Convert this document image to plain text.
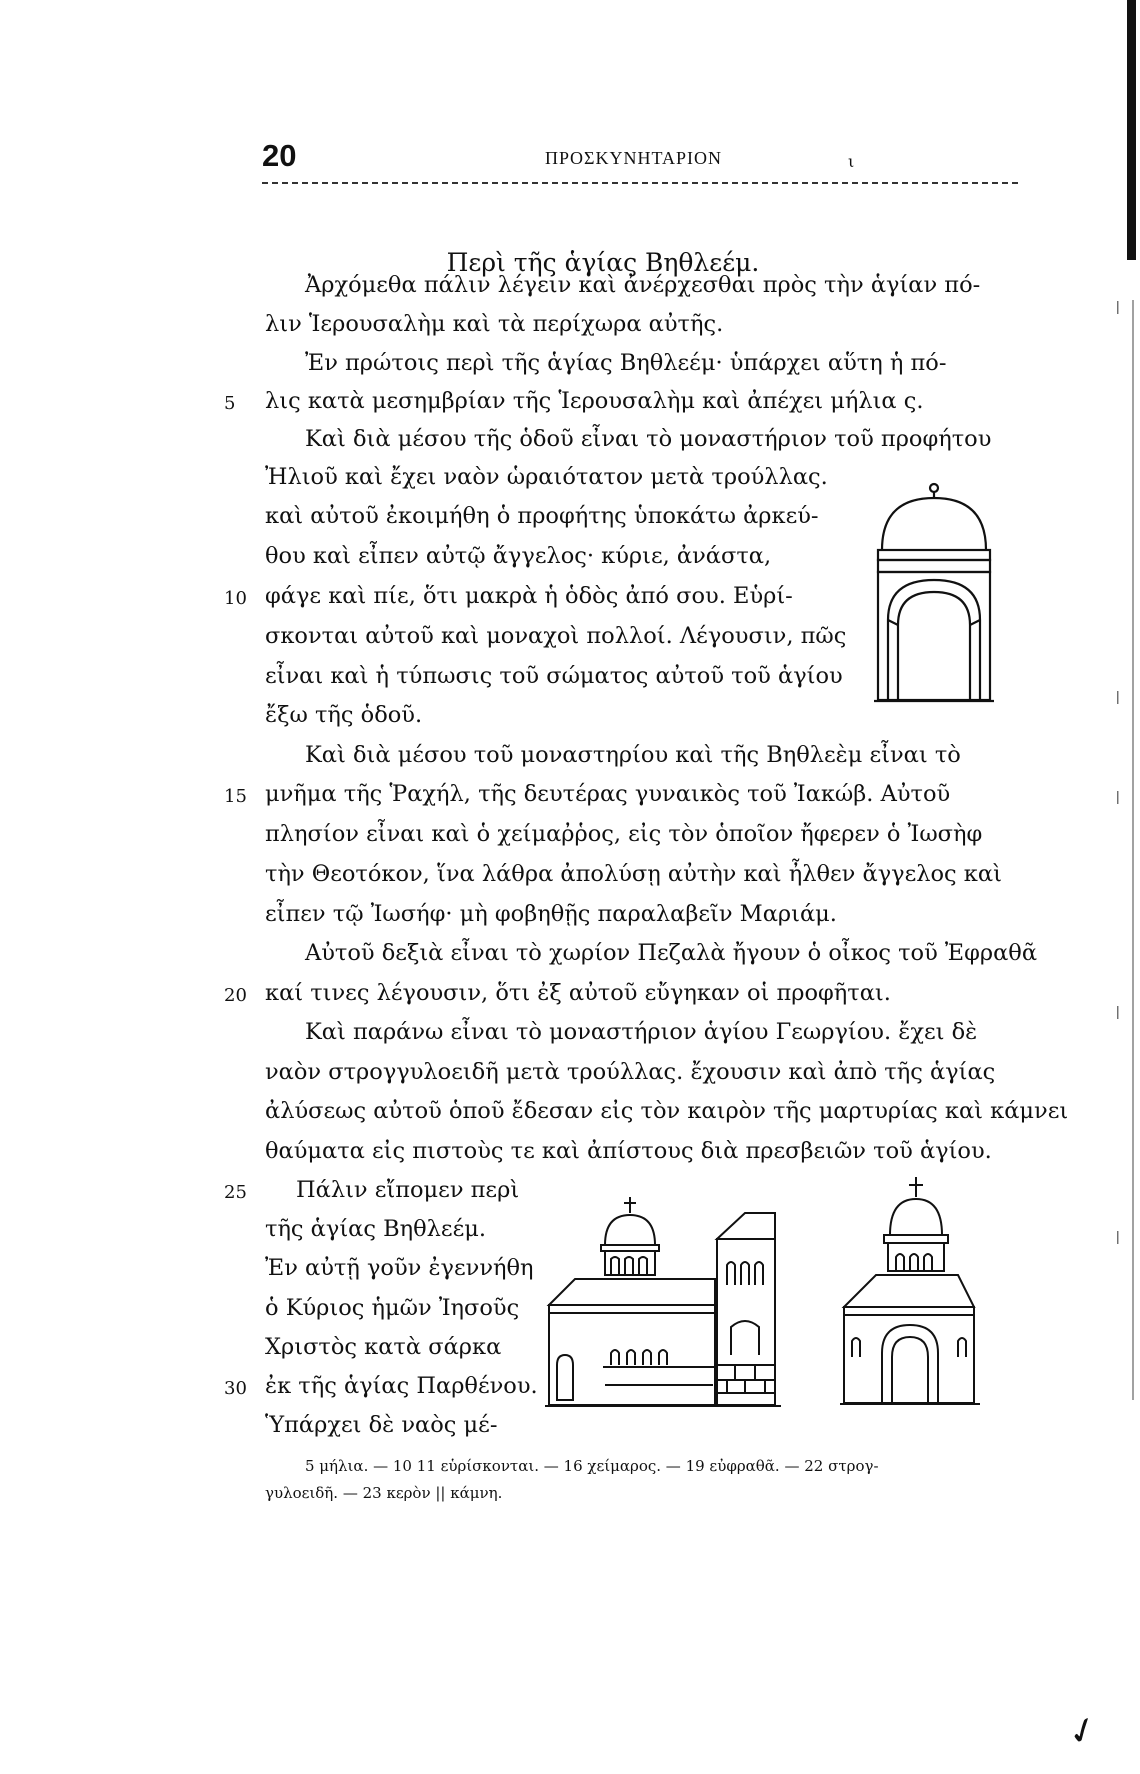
20	ΠΡΟΣΚΥΝΗΤΑΡΙΟΝ	ι
Περὶ τῆς ἁγίας Βηθλεέμ.
Ἀρχόμεθα πάλιν λέγειν καὶ ἀνέρχεσθαι πρὸς τὴν ἁγίαν πό-
λιν Ἱερουσαλὴμ καὶ τὰ περίχωρα αὐτῆς.
Ἐν πρώτοις περὶ τῆς ἁγίας Βηθλεέμ· ὑπάρχει αὕτη ἡ πό-
λις κατὰ μεσημβρίαν τῆς Ἱερουσαλὴμ καὶ ἀπέχει μήλια ς.
Καὶ διὰ μέσου τῆς ὁδοῦ εἶναι τὸ μοναστήριον τοῦ προφήτου
Ἠλιοῦ καὶ ἔχει ναὸν ὡραιότατον μετὰ τρούλλας.
καὶ αὐτοῦ ἐκοιμήθη ὁ προφήτης ὑποκάτω ἀρκεύ-
θου καὶ εἶπεν αὐτῷ ἄγγελος· κύριε, ἀνάστα,
φάγε καὶ πίε, ὅτι μακρὰ ἡ ὁδὸς ἀπό σου. Εὑρί-
σκονται αὐτοῦ καὶ μοναχοὶ πολλοί. Λέγουσιν, πῶς
εἶναι καὶ ἡ τύπωσις τοῦ σώματος αὐτοῦ τοῦ ἁγίου
ἔξω τῆς ὁδοῦ.
Καὶ διὰ μέσου τοῦ μοναστηρίου καὶ τῆς Βηθλεὲμ εἶναι τὸ
μνῆμα τῆς Ῥαχήλ, τῆς δευτέρας γυναικὸς τοῦ Ἰακώβ. Αὐτοῦ
πλησίον εἶναι καὶ ὁ χείμαῤῥος, εἰς τὸν ὁποῖον ἤφερεν ὁ Ἰωσὴφ
τὴν Θεοτόκον, ἵνα λάθρα ἀπολύσῃ αὐτὴν καὶ ἦλθεν ἄγγελος καὶ
εἶπεν τῷ Ἰωσήφ· μὴ φοβηθῇς παραλαβεῖν Μαριάμ.
Αὐτοῦ δεξιὰ εἶναι τὸ χωρίον Πεζαλὰ ἤγουν ὁ οἶκος τοῦ Ἐφραθᾶ
καί τινες λέγουσιν, ὅτι ἐξ αὐτοῦ εὔγηκαν οἱ προφῆται.
Καὶ παράνω εἶναι τὸ μοναστήριον ἁγίου Γεωργίου. ἔχει δὲ
ναὸν στρογγυλοειδῆ μετὰ τρούλλας. ἔχουσιν καὶ ἀπὸ τῆς ἁγίας
ἀλύσεως αὐτοῦ ὁποῦ ἔδεσαν εἰς τὸν καιρὸν τῆς μαρτυρίας καὶ κάμνει
θαύματα εἰς πιστοὺς τε καὶ ἀπίστους διὰ πρεσβειῶν τοῦ ἁγίου.
Πάλιν εἴπομεν περὶ
τῆς ἁγίας Βηθλεέμ.
Ἐν αὐτῇ γοῦν ἐγεννήθη
ὁ Κύριος ἡμῶν Ἰησοῦς
Χριστὸς κατὰ σάρκα
ἐκ τῆς ἁγίας Παρθένου.
Ὑπάρχει δὲ ναὸς μέ-
5
10
15
20
25
30
|
|
|
|
|
5 μήλια. — 10 11 εὑρίσκονται. — 16 χείμαρος. — 19 εὐφραθᾶ. — 22 στρογ-
γυλοειδῆ. — 23 κερὸν || κάμνη.
✓
